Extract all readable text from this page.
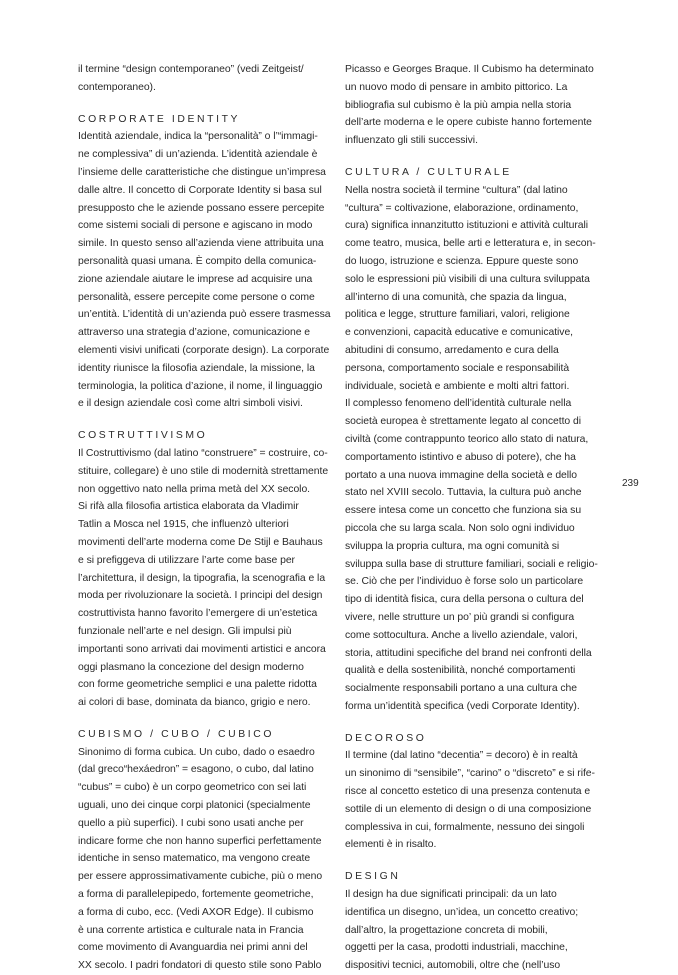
il termine “design contemporaneo” (vedi Zeitgeist/
contemporaneo).
CORPORATE IDENTITY
Identità aziendale, indica la “personalità” o l’“immagi-
ne complessiva” di un’azienda. L’identità aziendale è
l’insieme delle caratteristiche che distingue un’impresa
dalle altre. Il concetto di Corporate Identity si basa sul
presupposto che le aziende possano essere percepite
come sistemi sociali di persone e agiscano in modo
simile. In questo senso all’azienda viene attribuita una
personalità quasi umana. È compito della comunica-
zione aziendale aiutare le imprese ad acquisire una
personalità, essere percepite come persone o come
un’entità. L’identità di un’azienda può essere trasmessa
attraverso una strategia d’azione, comunicazione e
elementi visivi unificati (corporate design). La corporate
identity riunisce la filosofia aziendale, la missione, la
terminologia, la politica d’azione, il nome, il linguaggio
e il design aziendale così come altri simboli visivi.
COSTRUTTIVISMO
Il Costruttivismo (dal latino “construere” = costruire, co-
stituire, collegare) è uno stile di modernità strettamente
non oggettivo nato nella prima metà del XX secolo.
Si rifà alla filosofia artistica elaborata da Vladimir
Tatlin a Mosca nel 1915, che influenzò ulteriori
movimenti dell’arte moderna come De Stijl e Bauhaus
e si prefiggeva di utilizzare l’arte come base per
l’architettura, il design, la tipografia, la scenografia e la
moda per rivoluzionare la società. I principi del design
costruttivista hanno favorito l’emergere di un’estetica
funzionale nell’arte e nel design. Gli impulsi più
importanti sono arrivati dai movimenti artistici e ancora
oggi plasmano la concezione del design moderno
con forme geometriche semplici e una palette ridotta
ai colori di base, dominata da bianco, grigio e nero.
CUBISMO / CUBO / CUBICO
Sinonimo di forma cubica. Un cubo, dado o esaedro
(dal greco“hexáedron” = esagono, o cubo, dal latino
“cubus” = cubo) è un corpo geometrico con sei lati
uguali, uno dei cinque corpi platonici (specialmente
quello a più superfici). I cubi sono usati anche per
indicare forme che non hanno superfici perfettamente
identiche in senso matematico, ma vengono create
per essere approssimativamente cubiche, più o meno
a forma di parallelepipedo, fortemente geometriche,
a forma di cubo, ecc. (Vedi AXOR Edge). Il cubismo
è una corrente artistica e culturale nata in Francia
come movimento di Avanguardia nei primi anni del
XX secolo. I padri fondatori di questo stile sono Pablo
Picasso e Georges Braque. Il Cubismo ha determinato
un nuovo modo di pensare in ambito pittorico. La
bibliografia sul cubismo è la più ampia nella storia
dell’arte moderna e le opere cubiste hanno fortemente
influenzato gli stili successivi.
CULTURA / CULTURALE
Nella nostra società il termine “cultura” (dal latino
“cultura” = coltivazione, elaborazione, ordinamento,
cura) significa innanzitutto istituzioni e attività culturali
come teatro, musica, belle arti e letteratura e, in secon-
do luogo, istruzione e scienza. Eppure queste sono
solo le espressioni più visibili di una cultura sviluppata
all’interno di una comunità, che spazia da lingua,
politica e legge, strutture familiari, valori, religione
e convenzioni, capacità educative e comunicative,
abitudini di consumo, arredamento e cura della
persona, comportamento sociale e responsabilità
individuale, società e ambiente e molti altri fattori.
Il complesso fenomeno dell’identità culturale nella
società europea è strettamente legato al concetto di
civiltà (come contrappunto teorico allo stato di natura,
comportamento istintivo e abuso di potere), che ha
portato a una nuova immagine della società e dello
stato nel XVIII secolo. Tuttavia, la cultura può anche
essere intesa come un concetto che funziona sia su
piccola che su larga scala. Non solo ogni individuo
sviluppa la propria cultura, ma ogni comunità si
sviluppa sulla base di strutture familiari, sociali e religio-
se. Ciò che per l’individuo è forse solo un particolare
tipo di identità fisica, cura della persona o cultura del
vivere, nelle strutture un po’ più grandi si configura
come sottocultura. Anche a livello aziendale, valori,
storia, attitudini specifiche del brand nei confronti della
qualità e della sostenibilità, nonché comportamenti
socialmente responsabili portano a una cultura che
forma un’identità specifica (vedi Corporate Identity).
DECOROSO
Il termine (dal latino “decentia” = decoro) è in realtà
un sinonimo di “sensibile”, “carino” o “discreto” e si rife-
risce al concetto estetico di una presenza contenuta e
sottile di un elemento di design o di una composizione
complessiva in cui, formalmente, nessuno dei singoli
elementi è in risalto.
DESIGN
Il design ha due significati principali: da un lato
identifica un disegno, un’idea, un concetto creativo;
dall’altro, la progettazione concreta di mobili,
oggetti per la casa, prodotti industriali, macchine,
dispositivi tecnici, automobili, oltre che (nell’uso
239
